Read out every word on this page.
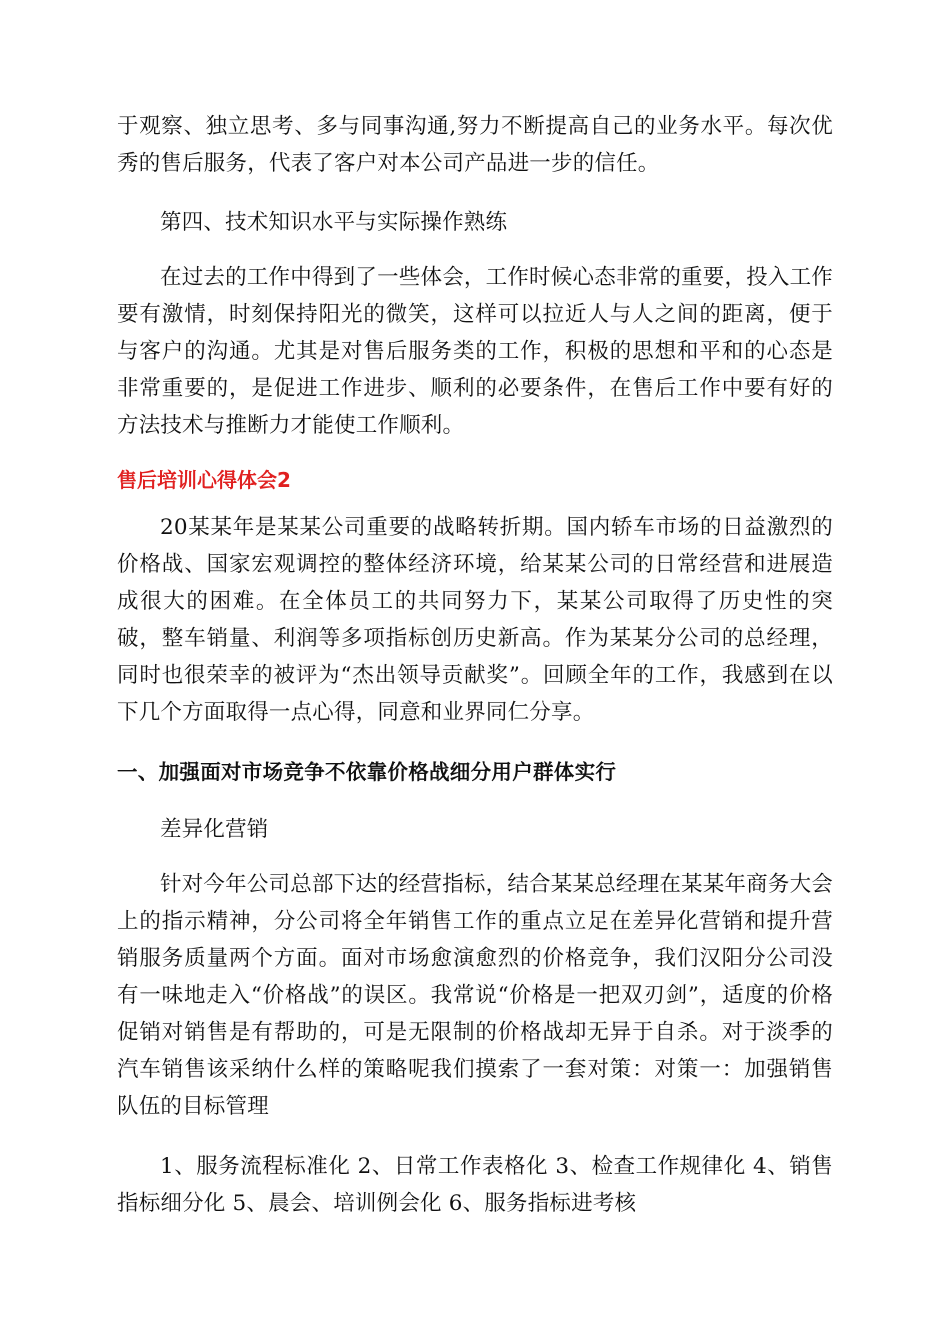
于观察、独立思考、多与同事沟通,努力不断提高自己的业务水平。每次优秀的售后服务，代表了客户对本公司产品进一步的信任。

第四、技术知识水平与实际操作熟练

在过去的工作中得到了一些体会，工作时候心态非常的重要，投入工作要有激情，时刻保持阳光的微笑，这样可以拉近人与人之间的距离，便于与客户的沟通。尤其是对售后服务类的工作，积极的思想和平和的心态是非常重要的，是促进工作进步、顺利的必要条件，在售后工作中要有好的方法技术与推断力才能使工作顺利。

售后培训心得体会2

20某某年是某某公司重要的战略转折期。国内轿车市场的日益激烈的价格战、国家宏观调控的整体经济环境，给某某公司的日常经营和进展造成很大的困难。在全体员工的共同努力下，某某公司取得了历史性的突破，整车销量、利润等多项指标创历史新高。作为某某分公司的总经理，同时也很荣幸的被评为“杰出领导贡献奖”。回顾全年的工作，我感到在以下几个方面取得一点心得，同意和业界同仁分享。

一、加强面对市场竞争不依靠价格战细分用户群体实行

差异化营销

针对今年公司总部下达的经营指标，结合某某总经理在某某年商务大会上的指示精神，分公司将全年销售工作的重点立足在差异化营销和提升营销服务质量两个方面。面对市场愈演愈烈的价格竞争，我们汉阳分公司没有一味地走入“价格战”的误区。我常说“价格是一把双刃剑”，适度的价格促销对销售是有帮助的，可是无限制的价格战却无异于自杀。对于淡季的汽车销售该采纳什么样的策略呢我们摸索了一套对策：对策一：加强销售队伍的目标管理

1、服务流程标准化 2、日常工作表格化 3、检查工作规律化 4、销售指标细分化 5、晨会、培训例会化 6、服务指标进考核
